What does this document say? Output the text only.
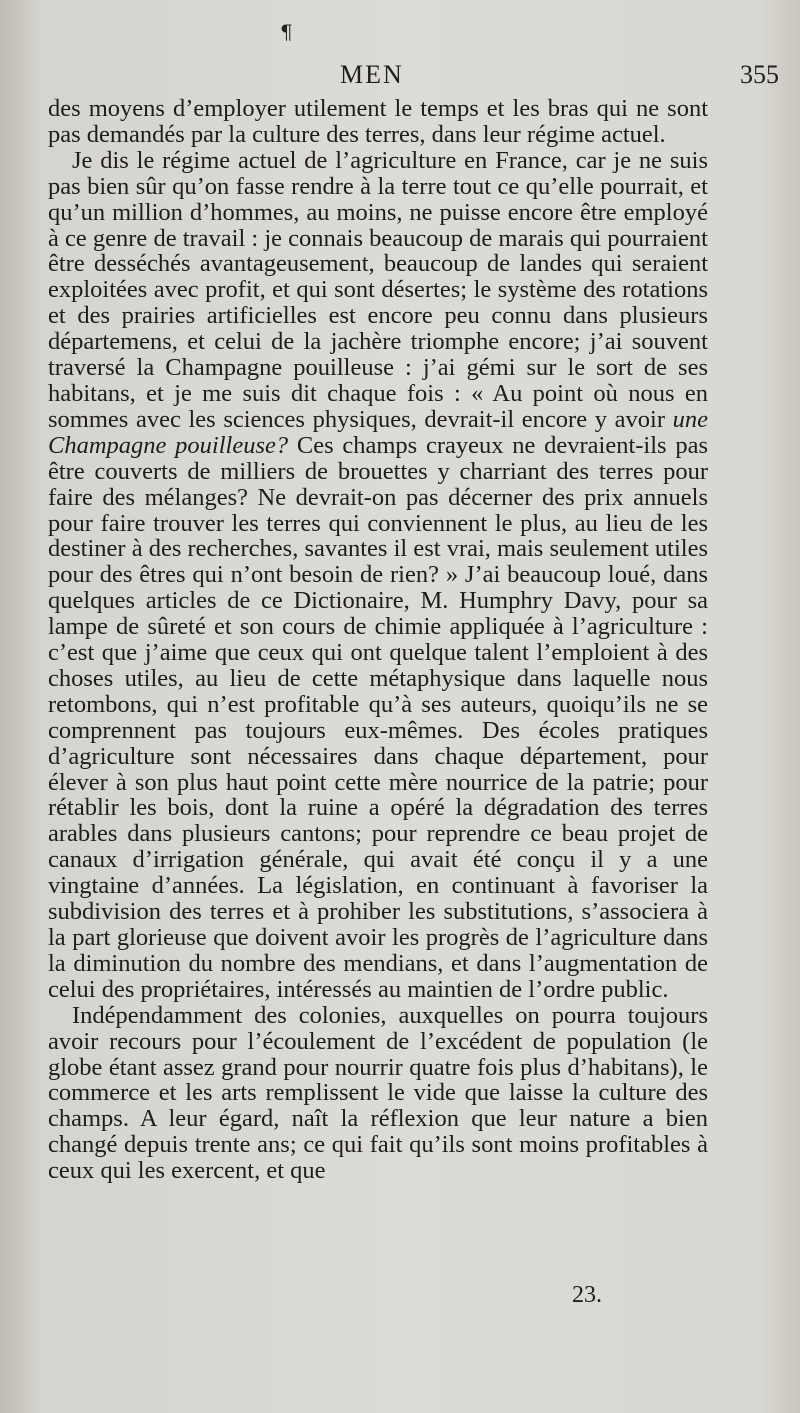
¶
MEN	355

des moyens d’employer utilement le temps et les bras qui ne sont pas demandés par la culture des terres, dans leur régime actuel.

Je dis le régime actuel de l’agriculture en France, car je ne suis pas bien sûr qu’on fasse rendre à la terre tout ce qu’elle pourrait, et qu’un million d’hommes, au moins, ne puisse encore être employé à ce genre de travail : je connais beaucoup de marais qui pourraient être desséchés avantageusement, beaucoup de landes qui seraient exploitées avec profit, et qui sont désertes; le système des rotations et des prairies artificielles est encore peu connu dans plusieurs départemens, et celui de la jachère triomphe encore; j’ai souvent traversé la Champagne pouilleuse : j’ai gémi sur le sort de ses habitans, et je me suis dit chaque fois : « Au point où nous en sommes avec les sciences physiques, devrait-il encore y avoir une Champagne pouilleuse? Ces champs crayeux ne devraient-ils pas être couverts de milliers de brouettes y charriant des terres pour faire des mélanges? Ne devrait-on pas décerner des prix annuels pour faire trouver les terres qui conviennent le plus, au lieu de les destiner à des recherches, savantes il est vrai, mais seulement utiles pour des êtres qui n’ont besoin de rien? » J’ai beaucoup loué, dans quelques articles de ce Dictionaire, M. Humphry Davy, pour sa lampe de sûreté et son cours de chimie appliquée à l’agriculture : c’est que j’aime que ceux qui ont quelque talent l’emploient à des choses utiles, au lieu de cette métaphysique dans laquelle nous retombons, qui n’est profitable qu’à ses auteurs, quoiqu’ils ne se comprennent pas toujours eux-mêmes. Des écoles pratiques d’agriculture sont nécessaires dans chaque département, pour élever à son plus haut point cette mère nourrice de la patrie; pour rétablir les bois, dont la ruine a opéré la dégradation des terres arables dans plusieurs cantons; pour reprendre ce beau projet de canaux d’irrigation générale, qui avait été conçu il y a une vingtaine d’années. La législation, en continuant à favoriser la subdivision des terres et à prohiber les substitutions, s’associera à la part glorieuse que doivent avoir les progrès de l’agriculture dans la diminution du nombre des mendians, et dans l’augmentation de celui des propriétaires, intéressés au maintien de l’ordre public.

Indépendamment des colonies, auxquelles on pourra toujours avoir recours pour l’écoulement de l’excédent de population (le globe étant assez grand pour nourrir quatre fois plus d’habitans), le commerce et les arts remplissent le vide que laisse la culture des champs. A leur égard, naît la réflexion que leur nature a bien changé depuis trente ans; ce qui fait qu’ils sont moins profitables à ceux qui les exercent, et que

23.
